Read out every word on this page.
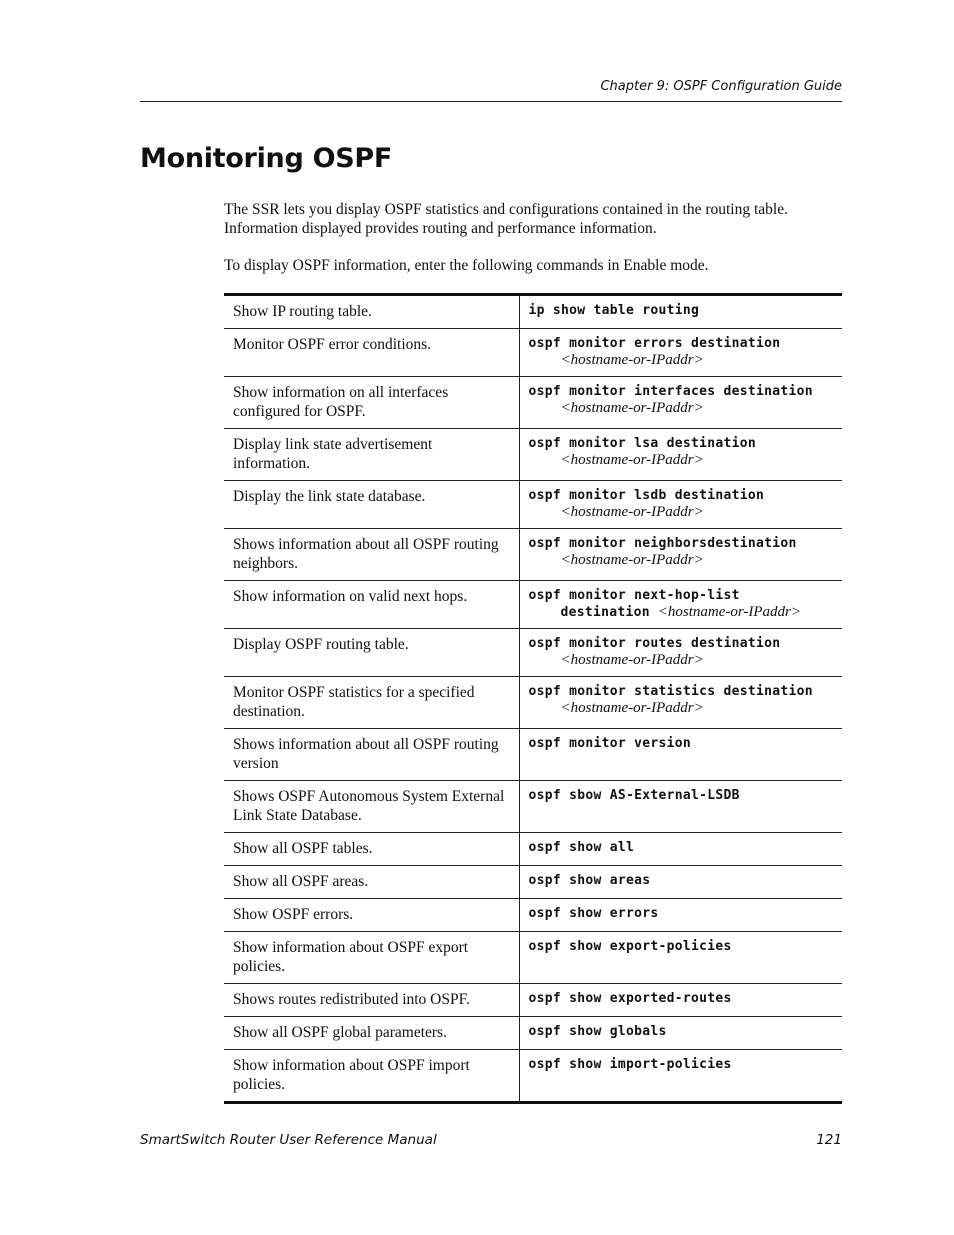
Chapter 9: OSPF Configuration Guide
Monitoring OSPF

The SSR lets you display OSPF statistics and configurations contained in the routing table. Information displayed provides routing and performance information.

To display OSPF information, enter the following commands in Enable mode.

Show IP routing table.	ip show table routing
Monitor OSPF error conditions.	ospf monitor errors destination
<hostname-or-IPaddr>

Show information on all interfaces configured for OSPF.	ospf monitor interfaces destination
<hostname-or-IPaddr>

Display link state advertisement information.	ospf monitor lsa destination
<hostname-or-IPaddr>

Display the link state database.	ospf monitor lsdb destination
<hostname-or-IPaddr>

Shows information about all OSPF routing neighbors.	ospf monitor neighborsdestination
<hostname-or-IPaddr>

Show information on valid next hops.	ospf monitor next-hop-list
destination <hostname-or-IPaddr>

Display OSPF routing table.	ospf monitor routes destination
<hostname-or-IPaddr>

Monitor OSPF statistics for a specified destination.	ospf monitor statistics destination
<hostname-or-IPaddr>

Shows information about all OSPF routing version	ospf monitor version
Shows OSPF Autonomous System External Link State Database.	ospf sbow AS-External-LSDB
Show all OSPF tables.	ospf show all
Show all OSPF areas.	ospf show areas
Show OSPF errors.	ospf show errors
Show information about OSPF export policies.	ospf show export-policies
Shows routes redistributed into OSPF.	ospf show exported-routes
Show all OSPF global parameters.	ospf show globals
Show information about OSPF import policies.	ospf show import-policies
SmartSwitch Router User Reference Manual	121
